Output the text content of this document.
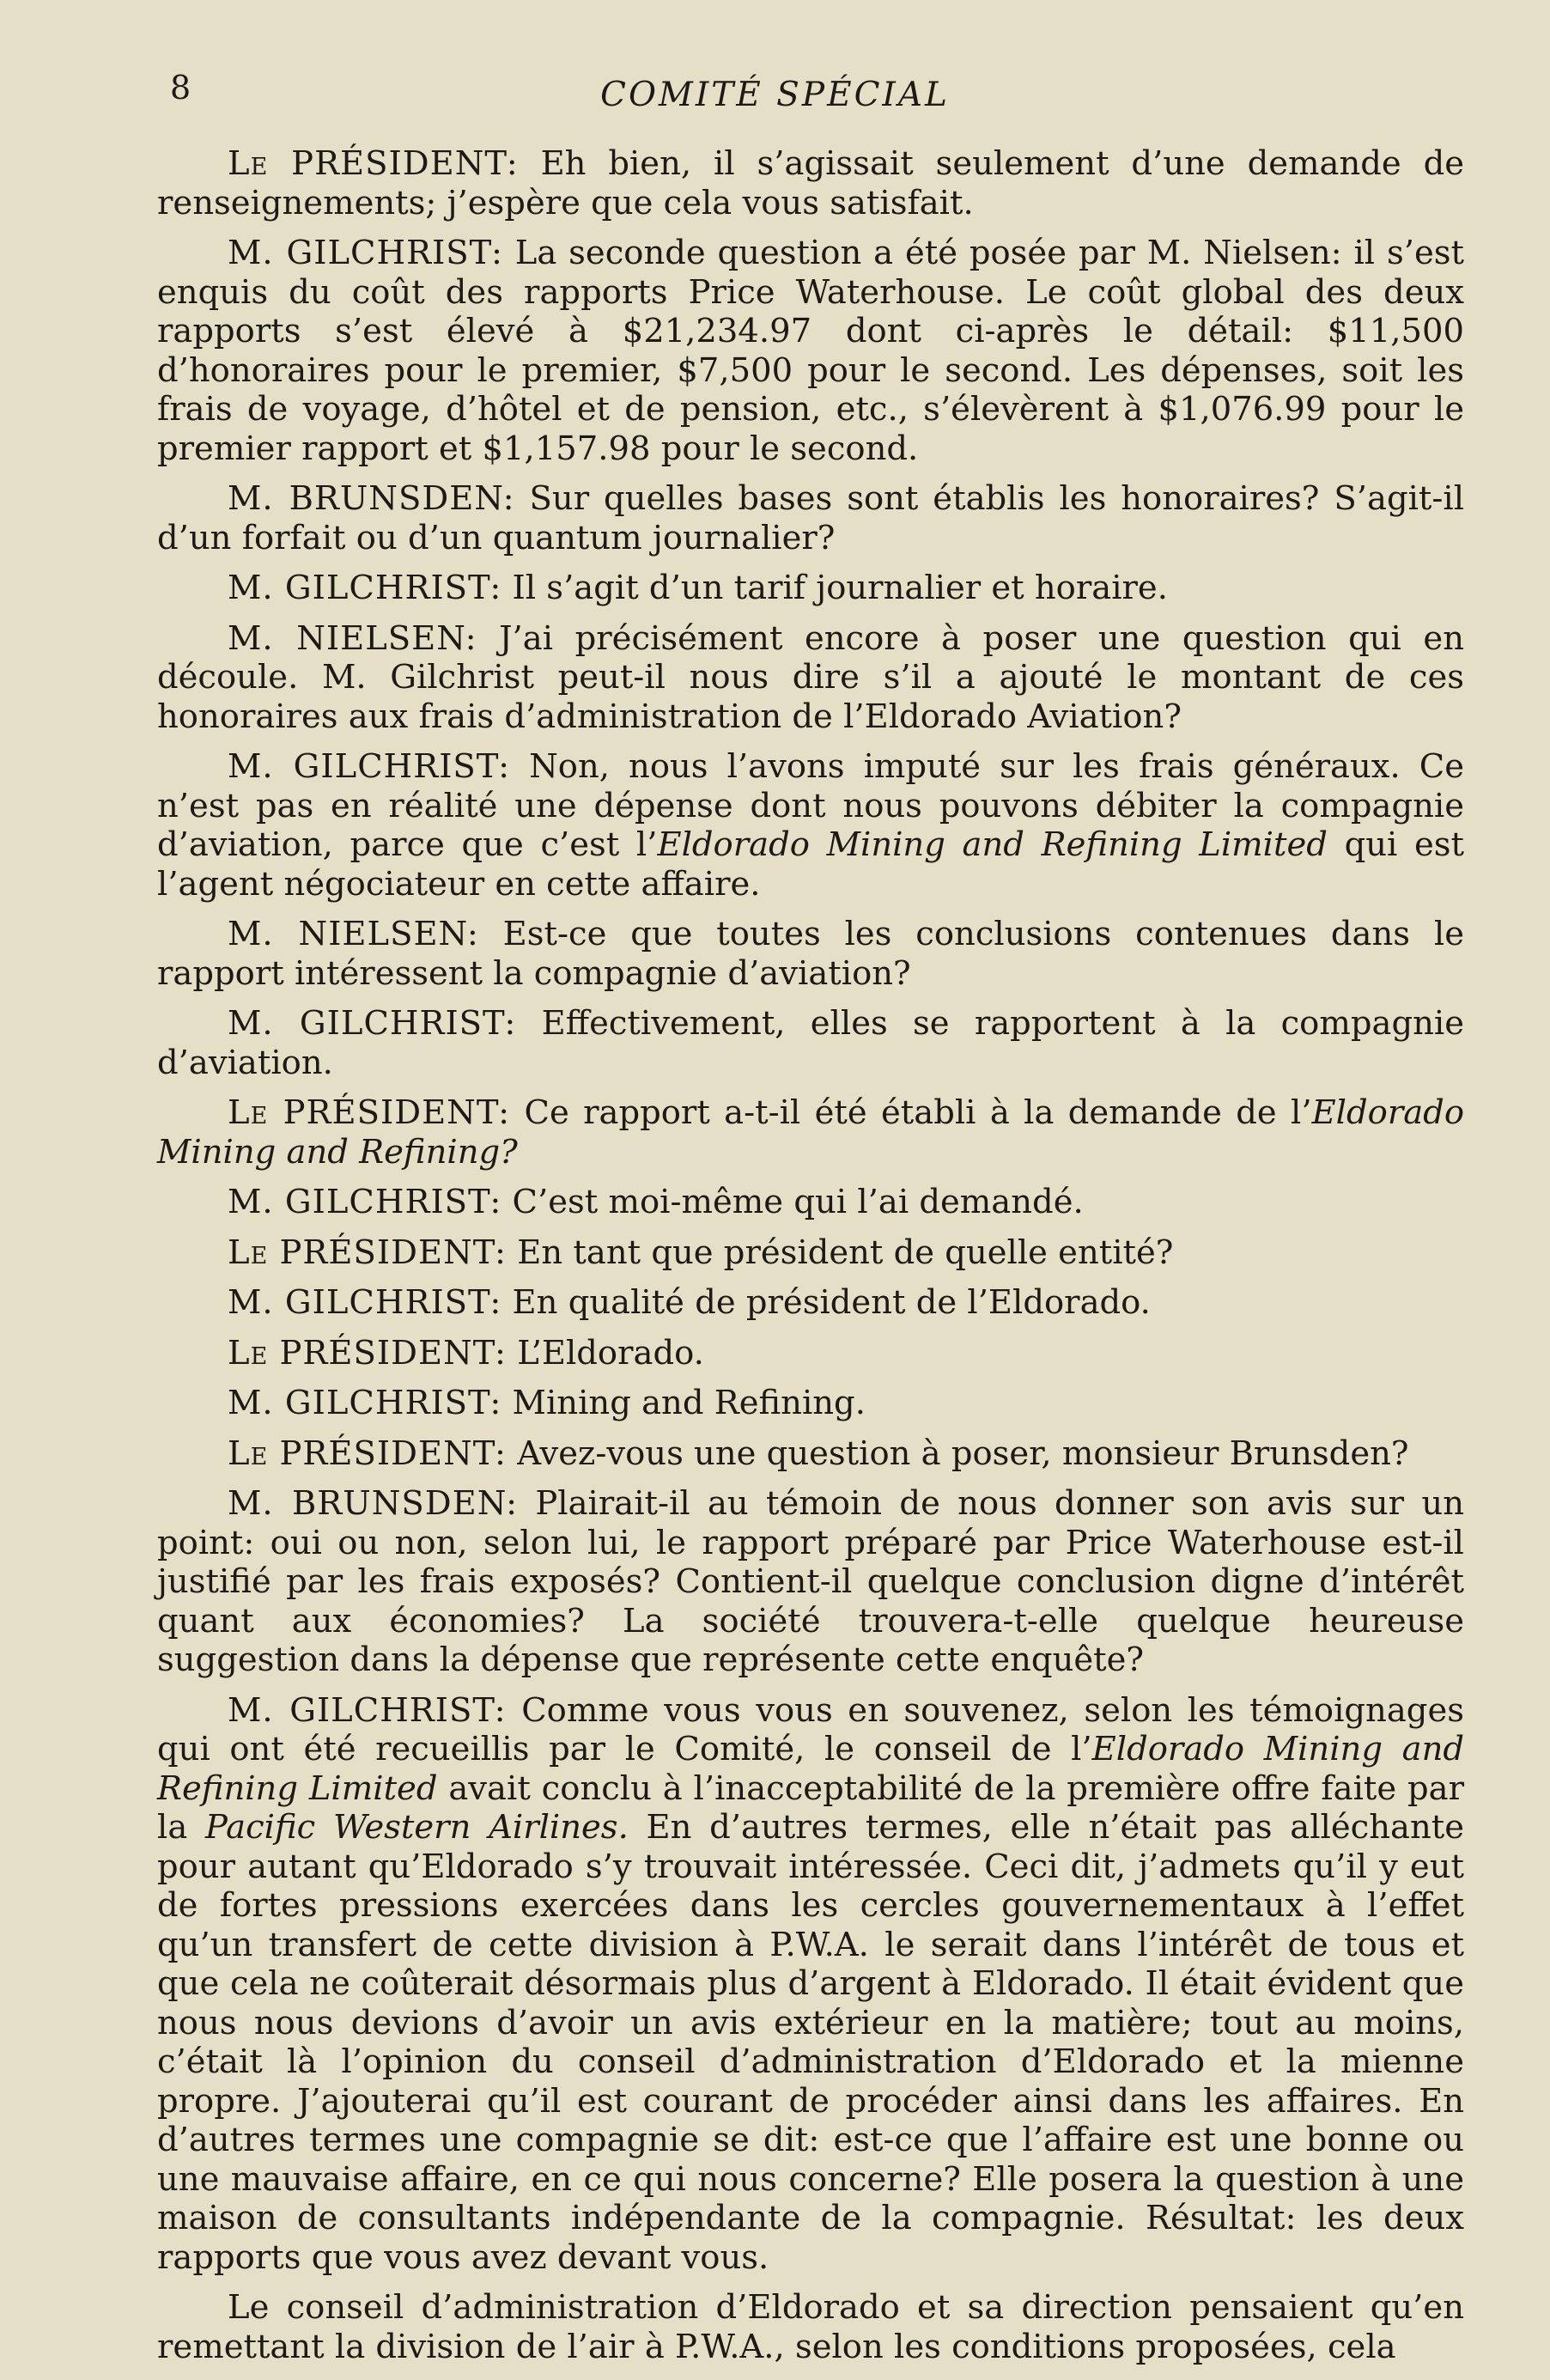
8	COMITÉ SPÉCIAL

Le PRÉSIDENT: Eh bien, il s’agissait seulement d’une demande de renseignements; j’espère que cela vous satisfait.

M. GILCHRIST: La seconde question a été posée par M. Nielsen: il s’est enquis du coût des rapports Price Waterhouse. Le coût global des deux rapports s’est élevé à $21,234.97 dont ci-après le détail: $11,500 d’honoraires pour le premier, $7,500 pour le second. Les dépenses, soit les frais de voyage, d’hôtel et de pension, etc., s’élevèrent à $1,076.99 pour le premier rapport et $1,157.98 pour le second.

M. BRUNSDEN: Sur quelles bases sont établis les honoraires? S’agit-il d’un forfait ou d’un quantum journalier?

M. GILCHRIST: Il s’agit d’un tarif journalier et horaire.

M. NIELSEN: J’ai précisément encore à poser une question qui en découle. M. Gilchrist peut-il nous dire s’il a ajouté le montant de ces honoraires aux frais d’administration de l’Eldorado Aviation?

M. GILCHRIST: Non, nous l’avons imputé sur les frais généraux. Ce n’est pas en réalité une dépense dont nous pouvons débiter la compagnie d’aviation, parce que c’est l’Eldorado Mining and Refining Limited qui est l’agent négociateur en cette affaire.

M. NIELSEN: Est-ce que toutes les conclusions contenues dans le rapport intéressent la compagnie d’aviation?

M. GILCHRIST: Effectivement, elles se rapportent à la compagnie d’aviation.

Le PRÉSIDENT: Ce rapport a-t-il été établi à la demande de l’Eldorado Mining and Refining?

M. GILCHRIST: C’est moi-même qui l’ai demandé.

Le PRÉSIDENT: En tant que président de quelle entité?

M. GILCHRIST: En qualité de président de l’Eldorado.

Le PRÉSIDENT: L’Eldorado.

M. GILCHRIST: Mining and Refining.

Le PRÉSIDENT: Avez-vous une question à poser, monsieur Brunsden?

M. BRUNSDEN: Plairait-il au témoin de nous donner son avis sur un point: oui ou non, selon lui, le rapport préparé par Price Waterhouse est-il justifié par les frais exposés? Contient-il quelque conclusion digne d’intérêt quant aux économies? La société trouvera-t-elle quelque heureuse suggestion dans la dépense que représente cette enquête?

M. GILCHRIST: Comme vous vous en souvenez, selon les témoignages qui ont été recueillis par le Comité, le conseil de l’Eldorado Mining and Refining Limited avait conclu à l’inacceptabilité de la première offre faite par la Pacific Western Airlines. En d’autres termes, elle n’était pas alléchante pour autant qu’Eldorado s’y trouvait intéressée. Ceci dit, j’admets qu’il y eut de fortes pressions exercées dans les cercles gouvernementaux à l’effet qu’un transfert de cette division à P.W.A. le serait dans l’intérêt de tous et que cela ne coûterait désormais plus d’argent à Eldorado. Il était évident que nous nous devions d’avoir un avis extérieur en la matière; tout au moins, c’était là l’opinion du conseil d’administration d’Eldorado et la mienne propre. J’ajouterai qu’il est courant de procéder ainsi dans les affaires. En d’autres termes une compagnie se dit: est-ce que l’affaire est une bonne ou une mauvaise affaire, en ce qui nous concerne? Elle posera la question à une maison de consultants indépendante de la compagnie. Résultat: les deux rapports que vous avez devant vous.

Le conseil d’administration d’Eldorado et sa direction pensaient qu’en remettant la division de l’air à P.W.A., selon les conditions proposées, cela
